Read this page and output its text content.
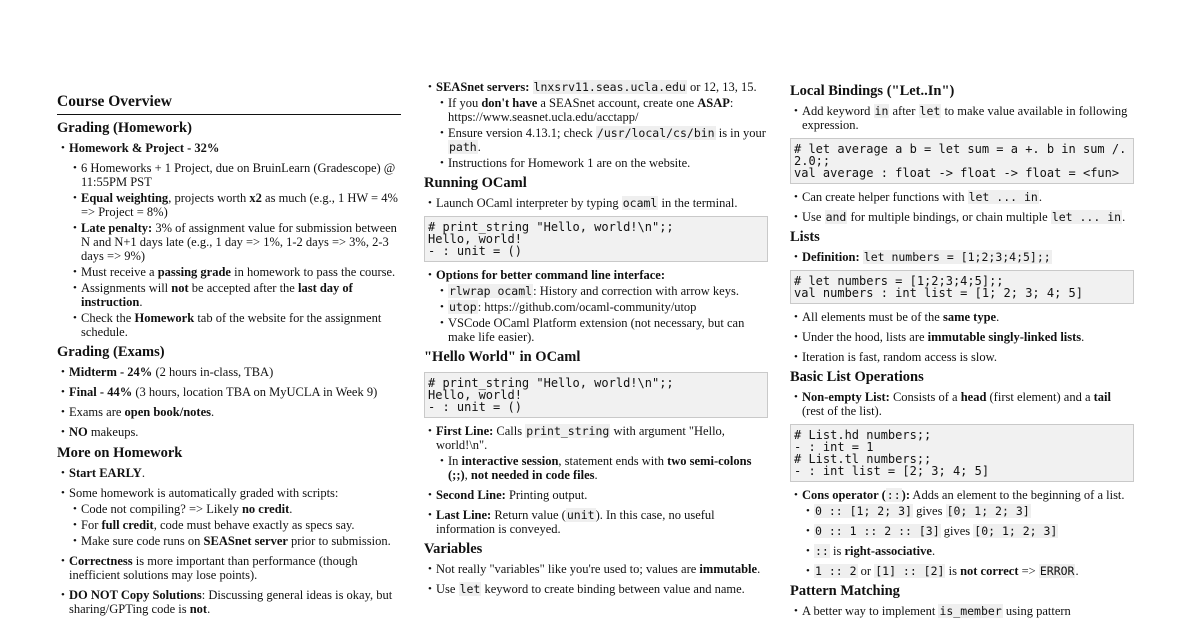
Course Overview
Grading (Homework)
• Homework & Project - 32%
• 6 Homeworks + 1 Project, due on BruinLearn (Gradescope) @ 11:55PM PST
• Equal weighting, projects worth x2 as much (e.g., 1 HW = 4% => Project = 8%)
• Late penalty: 3% of assignment value for submission between N and N+1 days late (e.g., 1 day => 1%, 1-2 days => 3%, 2-3 days => 9%)
• Must receive a passing grade in homework to pass the course.
• Assignments will not be accepted after the last day of instruction.
• Check the Homework tab of the website for the assignment schedule.
Grading (Exams)
• Midterm - 24% (2 hours in-class, TBA)
• Final - 44% (3 hours, location TBA on MyUCLA in Week 9)
• Exams are open book/notes.
• NO makeups.
More on Homework
• Start EARLY.
• Some homework is automatically graded with scripts:
• Code not compiling? => Likely no credit.
• For full credit, code must behave exactly as specs say.
• Make sure code runs on SEASnet server prior to submission.
• Correctness is more important than performance (though inefficient solutions may lose points).
• DO NOT Copy Solutions: Discussing general ideas is okay, but sharing/GPTing code is not.
• SEASnet servers: lnxsrv11.seas.ucla.edu or 12, 13, 15.
• If you don't have a SEASnet account, create one ASAP: https://www.seasnet.ucla.edu/acctapp/
• Ensure version 4.13.1; check /usr/local/cs/bin is in your path.
• Instructions for Homework 1 are on the website.
Running OCaml
• Launch OCaml interpreter by typing ocaml in the terminal.
# print_string "Hello, world!\n";;
Hello, world!
- : unit = ()
• Options for better command line interface:
• rlwrap ocaml: History and correction with arrow keys.
• utop: https://github.com/ocaml-community/utop
• VSCode OCaml Platform extension (not necessary, but can make life easier).
"Hello World" in OCaml
# print_string "Hello, world!\n";;
Hello, world!
- : unit = ()
• First Line: Calls print_string with argument "Hello, world!\n".
• In interactive session, statement ends with two semi-colons (;;), not needed in code files.
• Second Line: Printing output.
• Last Line: Return value (unit). In this case, no useful information is conveyed.
Variables
• Not really "variables" like you're used to; values are immutable.
• Use let keyword to create binding between value and name.
Local Bindings ("Let..In")
• Add keyword in after let to make value available in following expression.
# let average a b = let sum = a +. b in sum /. 2.0;;
val average : float -> float -> float = <fun>
• Can create helper functions with let ... in.
• Use and for multiple bindings, or chain multiple let ... in.
Lists
• Definition: let numbers = [1;2;3;4;5];;
# let numbers = [1;2;3;4;5];;
val numbers : int list = [1; 2; 3; 4; 5]
• All elements must be of the same type.
• Under the hood, lists are immutable singly-linked lists.
• Iteration is fast, random access is slow.
Basic List Operations
• Non-empty List: Consists of a head (first element) and a tail (rest of the list).
# List.hd numbers;;
- : int = 1
# List.tl numbers;;
- : int list = [2; 3; 4; 5]
• Cons operator (::): Adds an element to the beginning of a list.
• 0 :: [1; 2; 3] gives [0; 1; 2; 3]
• 0 :: 1 :: 2 :: [3] gives [0; 1; 2; 3]
• :: is right-associative.
• 1 :: 2 or [1] :: [2] is not correct => ERROR.
Pattern Matching
• A better way to implement is_member using pattern
